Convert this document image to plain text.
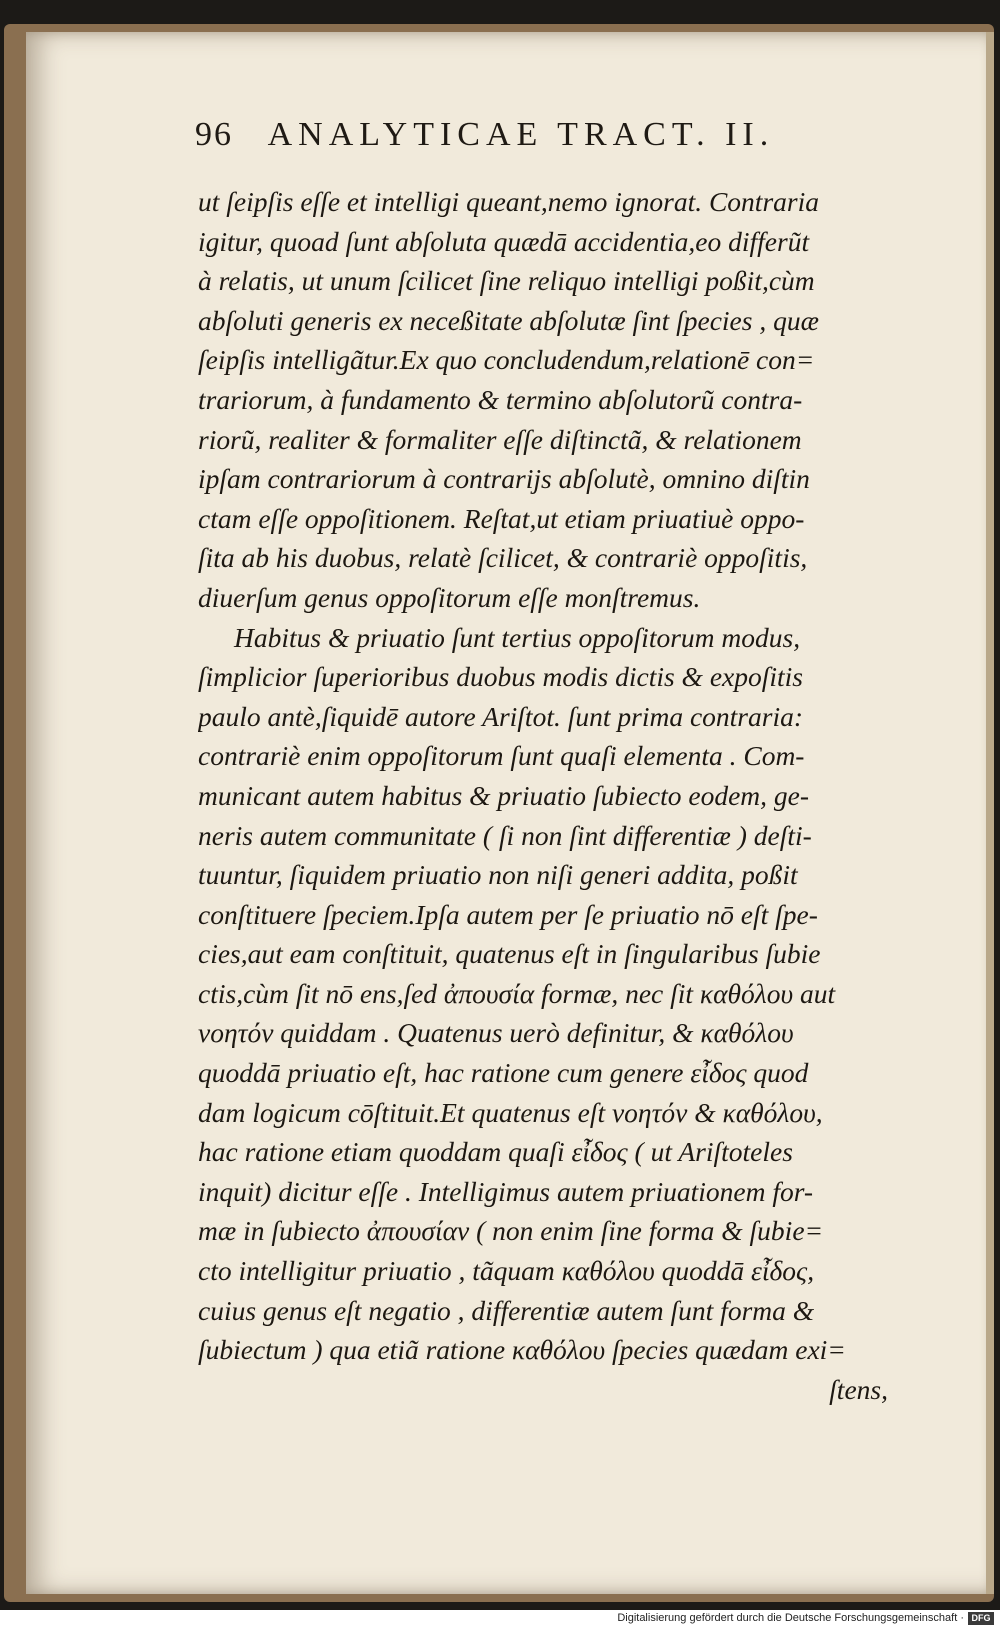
96 ANALYTICAE TRACT. II.
ut ſeipſis eſſe et intelligi queant,nemo ignorat. Contraria
igitur, quoad ſunt abſoluta quædā accidentia,eo differũt
à relatis, ut unum ſcilicet ſine reliquo intelligi poßit,cùm
abſoluti generis ex neceßitate abſolutæ ſint ſpecies , quæ
ſeipſis intelligãtur.Ex quo concludendum,relationē con=
trariorum, à fundamento & termino abſolutorũ contra-
riorũ, realiter & formaliter eſſe diſtinctã, & relationem
ipſam contrariorum à contrarijs abſolutè, omnino diſtin
ctam eſſe oppoſitionem. Reſtat,ut etiam priuatiuè oppo-
ſita ab his duobus, relatè ſcilicet, & contrariè oppoſitis,
diuerſum genus oppoſitorum eſſe monſtremus.
Habitus & priuatio ſunt tertius oppoſitorum modus,
ſimplicior ſuperioribus duobus modis dictis & expoſitis
paulo antè,ſiquidē autore Ariſtot. ſunt prima contraria:
contrariè enim oppoſitorum ſunt quaſi elementa . Com-
municant autem habitus & priuatio ſubiecto eodem, ge-
neris autem communitate ( ſi non ſint differentiæ ) deſti-
tuuntur, ſiquidem priuatio non niſi generi addita, poßit
conſtituere ſpeciem.Ipſa autem per ſe priuatio nō eſt ſpe-
cies,aut eam conſtituit, quatenus eſt in ſingularibus ſubie
ctis,cùm ſit nō ens,ſed ἀπουσία formæ, nec ſit καθόλου aut
νοητόν quiddam . Quatenus uerò definitur, & καθόλου
quoddā priuatio eſt, hac ratione cum genere εἶδος quod
dam logicum cōſtituit.Et quatenus eſt νοητόν & καθόλου,
hac ratione etiam quoddam quaſi εἶδος ( ut Ariſtoteles
inquit) dicitur eſſe . Intelligimus autem priuationem for-
mæ in ſubiecto ἀπουσίαν ( non enim ſine forma & ſubie=
cto intelligitur priuatio , tãquam καθόλου quoddā εἶδος,
cuius genus eſt negatio , differentiæ autem ſunt forma &
ſubiectum ) qua etiã ratione καθόλου ſpecies quædam exi=
ſtens,
Digitalisierung gefördert durch die Deutsche Forschungsgemeinschaft · DFG
